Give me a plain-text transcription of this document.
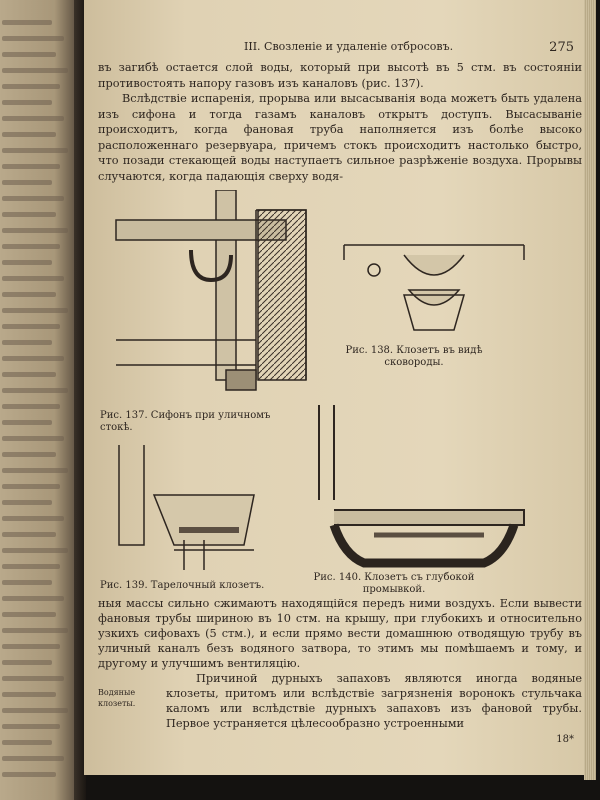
III. Свозленіе и удаленіе отбросовъ.	275

въ загибѣ остается слой воды, который при высотѣ въ 5 стм. въ состоянiи противостоять напору газовъ изъ каналовъ (рис. 137).

Вслѣдствіе испаренія, прорыва или высасыванія вода можетъ быть удалена изъ сифона и тогда газамъ каналовъ открытъ доступъ. Высасываніе происходитъ, когда фановая труба наполняется изъ болѣе высоко расположеннаго резервуара, причемъ стокъ происходитъ настолько быстро, что позади стекающей воды наступаетъ сильное разрѣженіе воздуха. Прорывы случаются, когда падающія сверху водя-

Рис. 137. Сифонъ при уличномъ стокѣ.
Рис. 138. Клозетъ въ видѣ сковороды.
Рис. 139. Тарелочный клозетъ.
Рис. 140. Клозетъ съ глубокой промывкой.

ныя массы сильно сжимаютъ находящійся передъ ними воздухъ. Если вывести фановыя трубы шириною въ 10 стм. на крышу, при глубокихъ и относительно узкихъ сифовахъ (5 стм.), и если прямо вести домашнюю отводящую трубу въ уличный каналъ безъ водяного затвора, то этимъ мы помѣшаемъ и тому, и другому и улучшимъ вентиляцію.

Водяные клозеты.

Причиной дурныхъ запаховъ являются иногда водяные клозеты, притомъ или вслѣдствіе загрязненія воронокъ стульчака каломъ или вслѣдствіе дурныхъ запаховъ изъ фановой трубы. Первое устраняется цѣлесообразно устроенными

18*
